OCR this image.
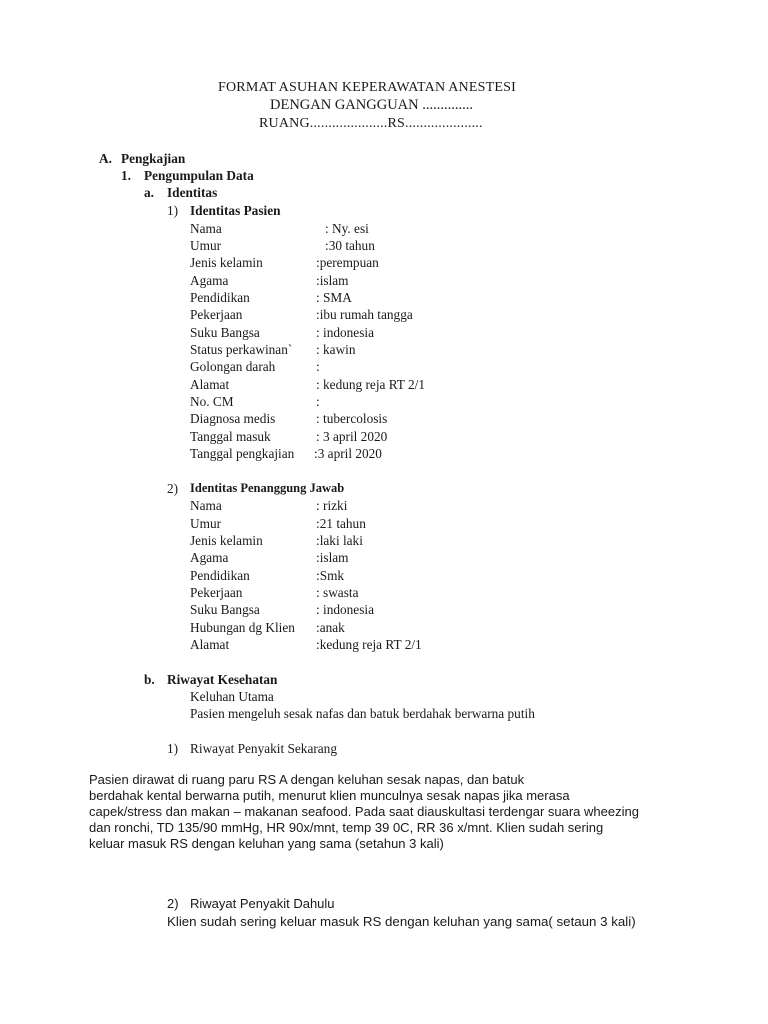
FORMAT ASUHAN KEPERAWATAN ANESTESI
DENGAN GANGGUAN ..............
RUANG.....................RS.....................
A. Pengkajian
1. Pengumpulan Data
a. Identitas
1) Identitas Pasien
Nama	: Ny. esi
Umur	:30 tahun
Jenis kelamin	:perempuan
Agama	:islam
Pendidikan	: SMA
Pekerjaan	:ibu rumah tangga
Suku Bangsa	: indonesia
Status perkawinan` : kawin
Golongan darah	:
Alamat	: kedung reja RT 2/1
No. CM	:
Diagnosa medis	: tubercolosis
Tanggal masuk	: 3 april 2020
Tanggal pengkajian :3 april 2020
2) Identitas Penanggung Jawab
Nama	: rizki
Umur	:21 tahun
Jenis kelamin	:laki laki
Agama	:islam
Pendidikan	:Smk
Pekerjaan	: swasta
Suku Bangsa	: indonesia
Hubungan dg Klien :anak
Alamat	:kedung reja RT 2/1
b. Riwayat Kesehatan
Keluhan Utama
Pasien mengeluh sesak nafas dan batuk berdahak berwarna putih
1) Riwayat Penyakit Sekarang
Pasien dirawat di ruang paru RS A dengan keluhan sesak napas, dan batuk
berdahak kental berwarna putih, menurut klien munculnya sesak napas jika merasa
capek/stress dan makan – makanan seafood. Pada saat diauskultasi terdengar suara wheezing
dan ronchi, TD 135/90 mmHg, HR 90x/mnt, temp 39 0C, RR 36 x/mnt. Klien sudah sering
keluar masuk RS dengan keluhan yang sama (setahun 3 kali)
2) Riwayat Penyakit Dahulu
Klien sudah sering keluar masuk RS dengan keluhan yang sama( setaun 3 kali)
